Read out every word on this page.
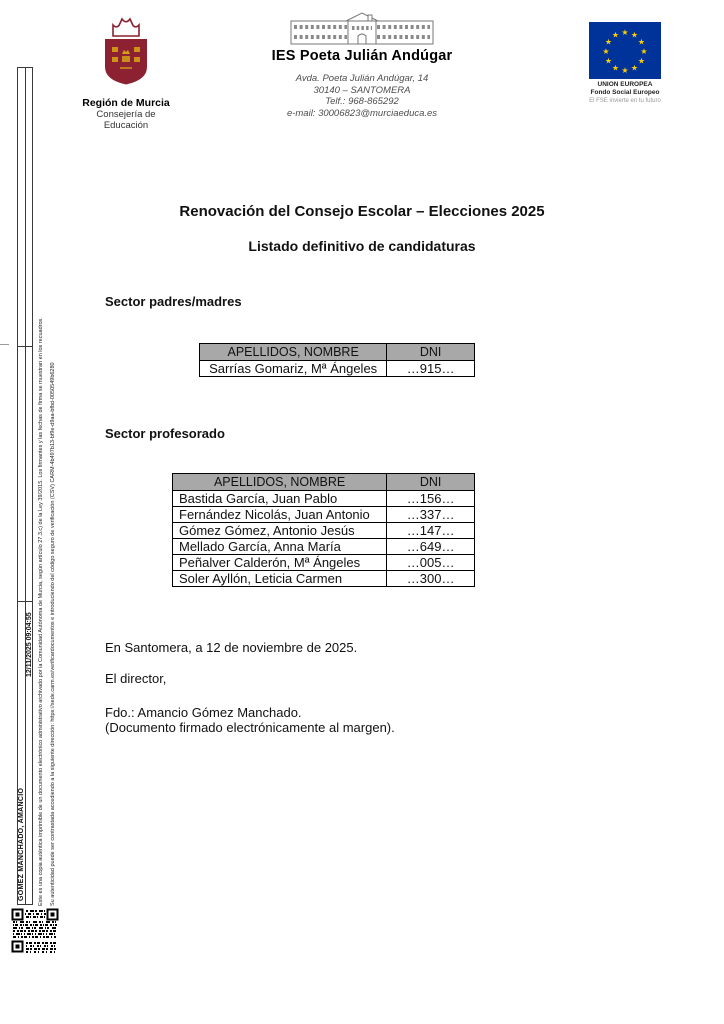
Región de Murcia
Consejería de
Educación
IES Poeta Julián Andúgar
Avda. Poeta Julián Andúgar, 14
30140 – SANTOMERA
Telf.: 968-865292
e-mail: 30006823@murciaeduca.es
★ ★
★
★
★
★
★
★
★
★
★
★
UNION EUROPEA
Fondo Social Europeo
El FSE invierte en tu futuro
Renovación del Consejo Escolar – Elecciones 2025
Listado definitivo de candidaturas
Sector padres/madres
APELLIDOS, NOMBRE	DNI
Sarrías Gomariz, Mª Ángeles	…915…
Sector profesorado
APELLIDOS, NOMBRE	DNI
Bastida García, Juan Pablo	…156…
Fernández Nicolás, Juan Antonio	…337…
Gómez Gómez, Antonio Jesús	…147…
Mellado García, Anna María	…649…
Peñalver Calderón, Mª Ángeles	…005…
Soler Ayllón, Leticia Carmen	…300…
En Santomera, a 12 de noviembre de 2025.
El director,
Fdo.: Amancio Gómez Manchado.
(Documento firmado electrónicamente al margen).
GÓMEZ MANCHADO, AMANCIO
12/11/2025 09:04:55 Este es una copia auténtica imprimible de un documento electrónico administrativo archivado por la Comunidad Autónoma de Murcia, según artículo 27.3.c) de la Ley 39/2015. Los firmantes y las fechas de firma se muestran en los recuadros.	Su autenticidad puede ser contrastada accediendo a la siguiente dirección: https://sede.carm.es/verificardocumentos e introduciendo del código seguro de verificación (CSV) CARM-4b497b13-bf9e-d9aa-bfbd-0050549b6280
